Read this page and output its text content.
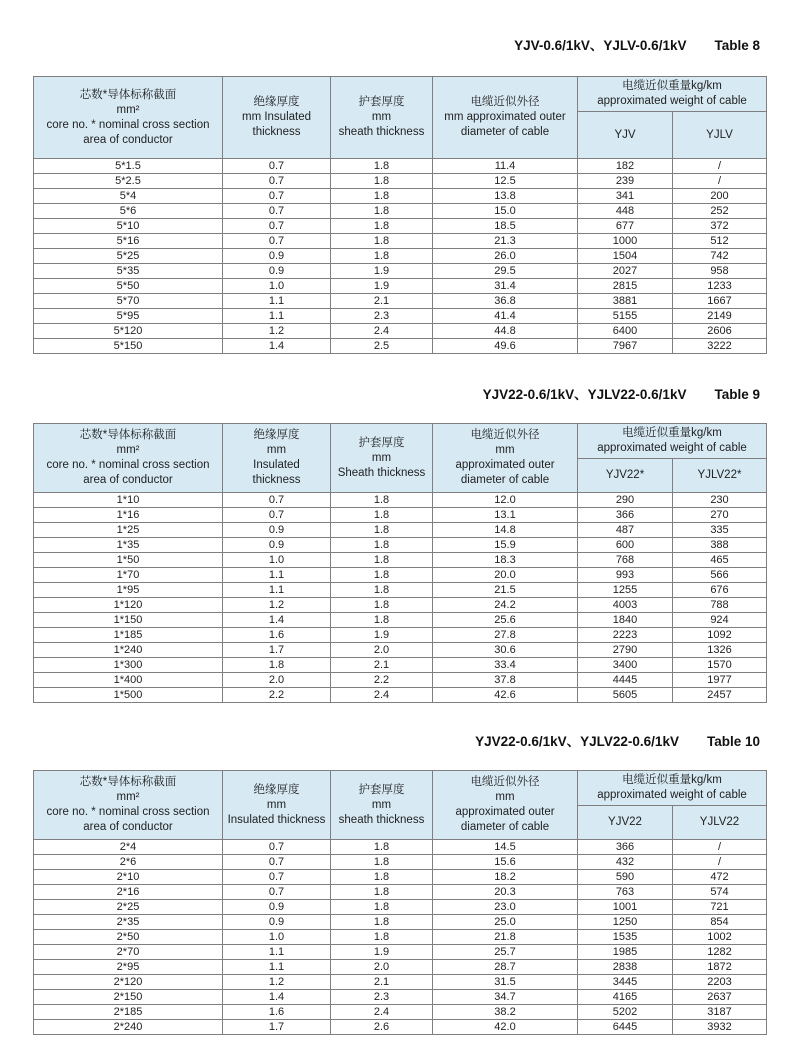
YJV-0.6/1kV、YJLV-0.6/1kV Table 8
芯数*导体标称截面
mm²
core no. * nominal cross section
area of conductor	绝缘厚度
mm Insulated
thickness	护套厚度
mm
sheath thickness	电缆近似外径
mm approximated outer
diameter of cable	电缆近似重量kg/km
approximated weight of cable	
				YJV	YJLV
5*1.5	0.7	1.8	11.4	182	/
5*2.5	0.7	1.8	12.5	239	/
5*4	0.7	1.8	13.8	341	200
5*6	0.7	1.8	15.0	448	252
5*10	0.7	1.8	18.5	677	372
5*16	0.7	1.8	21.3	1000	512
5*25	0.9	1.8	26.0	1504	742
5*35	0.9	1.9	29.5	2027	958
5*50	1.0	1.9	31.4	2815	1233
5*70	1.1	2.1	36.8	3881	1667
5*95	1.1	2.3	41.4	5155	2149
5*120	1.2	2.4	44.8	6400	2606
5*150	1.4	2.5	49.6	7967	3222
YJV22-0.6/1kV、YJLV22-0.6/1kV Table 9
芯数*导体标称截面
mm²
core no. * nominal cross section
area of conductor	绝缘厚度
mm
Insulated
thickness	护套厚度
mm
Sheath thickness	电缆近似外径
mm
approximated outer
diameter of cable	电缆近似重量kg/km
approximated weight of cable	
				YJV22*	YJLV22*
1*10	0.7	1.8	12.0	290	230
1*16	0.7	1.8	13.1	366	270
1*25	0.9	1.8	14.8	487	335
1*35	0.9	1.8	15.9	600	388
1*50	1.0	1.8	18.3	768	465
1*70	1.1	1.8	20.0	993	566
1*95	1.1	1.8	21.5	1255	676
1*120	1.2	1.8	24.2	4003	788
1*150	1.4	1.8	25.6	1840	924
1*185	1.6	1.9	27.8	2223	1092
1*240	1.7	2.0	30.6	2790	1326
1*300	1.8	2.1	33.4	3400	1570
1*400	2.0	2.2	37.8	4445	1977
1*500	2.2	2.4	42.6	5605	2457
YJV22-0.6/1kV、YJLV22-0.6/1kV Table 10
芯数*导体标称截面
mm²
core no. * nominal cross section
area of conductor	绝缘厚度
mm
Insulated thickness	护套厚度
mm
sheath thickness	电缆近似外径
mm
approximated outer
diameter of cable	电缆近似重量kg/km
approximated weight of cable	
				YJV22	YJLV22
2*4	0.7	1.8	14.5	366	/
2*6	0.7	1.8	15.6	432	/
2*10	0.7	1.8	18.2	590	472
2*16	0.7	1.8	20.3	763	574
2*25	0.9	1.8	23.0	1001	721
2*35	0.9	1.8	25.0	1250	854
2*50	1.0	1.8	21.8	1535	1002
2*70	1.1	1.9	25.7	1985	1282
2*95	1.1	2.0	28.7	2838	1872
2*120	1.2	2.1	31.5	3445	2203
2*150	1.4	2.3	34.7	4165	2637
2*185	1.6	2.4	38.2	5202	3187
2*240	1.7	2.6	42.0	6445	3932
